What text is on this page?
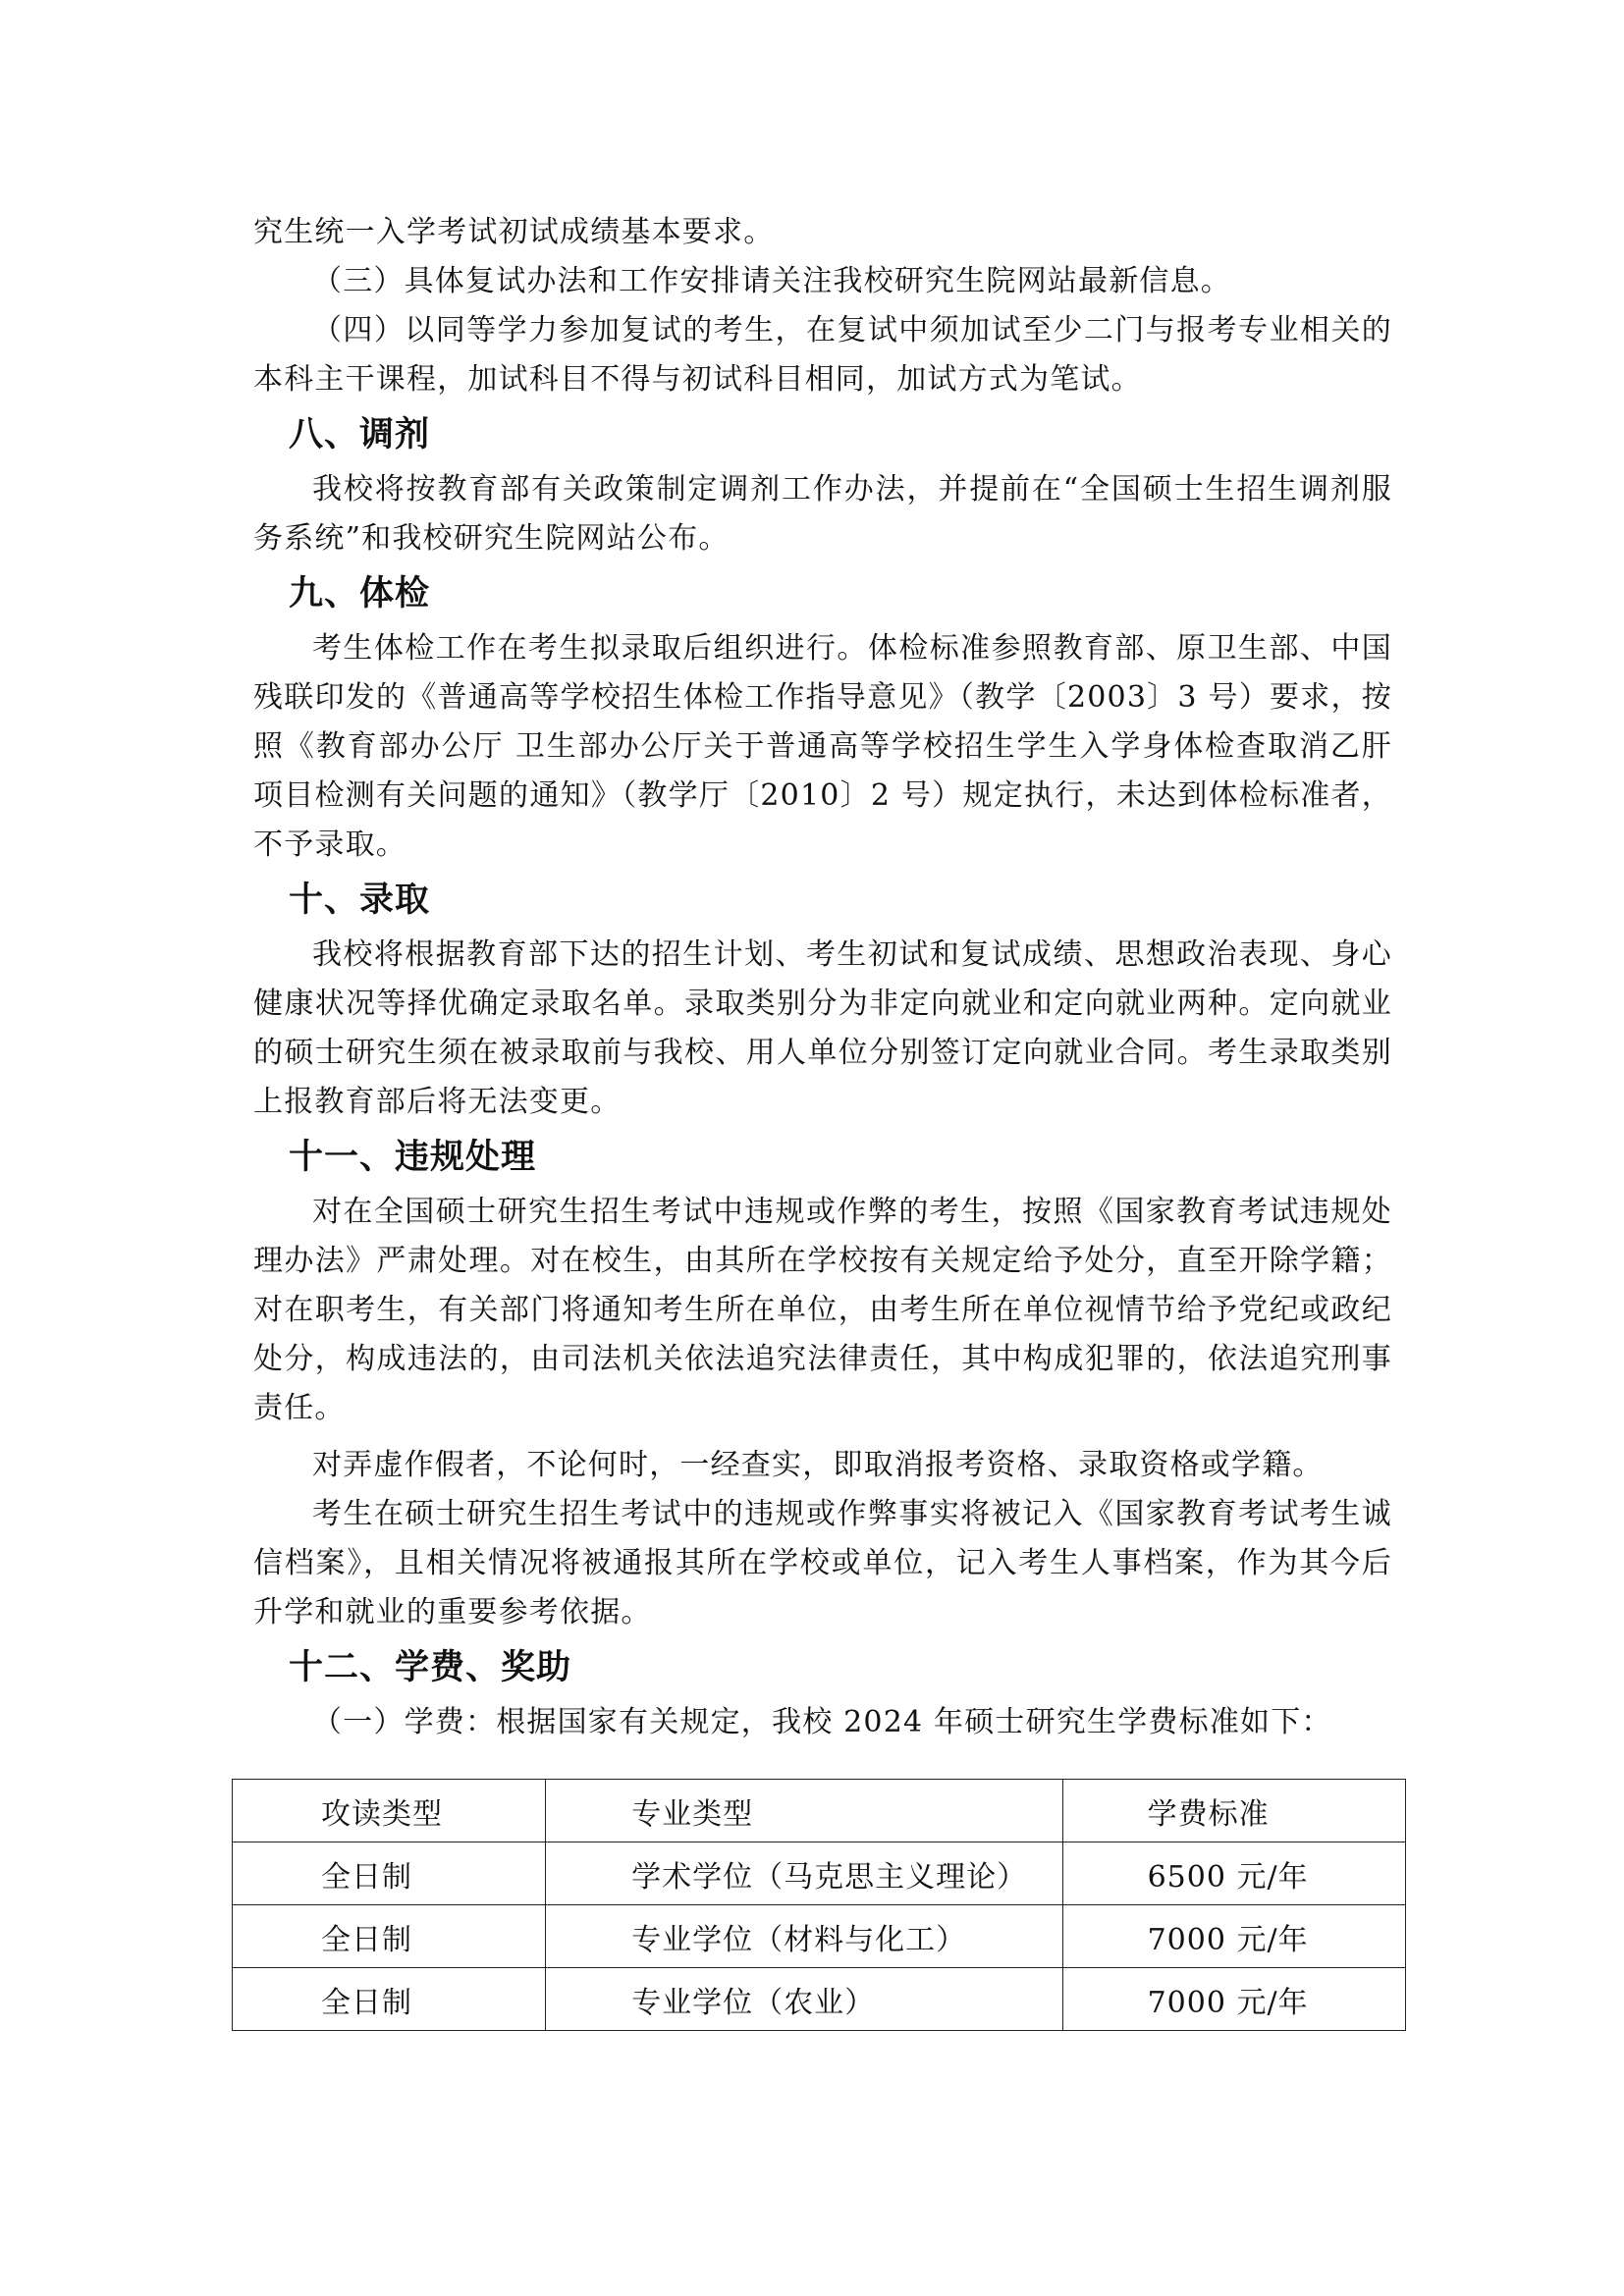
究生统一入学考试初试成绩基本要求。

（三）具体复试办法和工作安排请关注我校研究生院网站最新信息。

（四）以同等学力参加复试的考生，在复试中须加试至少二门与报考专业相关的本科主干课程，加试科目不得与初试科目相同，加试方式为笔试。

八、调剂

我校将按教育部有关政策制定调剂工作办法，并提前在“全国硕士生招生调剂服务系统”和我校研究生院网站公布。

九、体检

考生体检工作在考生拟录取后组织进行。体检标准参照教育部、原卫生部、中国残联印发的《普通高等学校招生体检工作指导意见》（教学〔2003〕3 号）要求，按照《教育部办公厅 卫生部办公厅关于普通高等学校招生学生入学身体检查取消乙肝项目检测有关问题的通知》（教学厅〔2010〕2 号）规定执行，未达到体检标准者，不予录取。

十、录取

我校将根据教育部下达的招生计划、考生初试和复试成绩、思想政治表现、身心健康状况等择优确定录取名单。录取类别分为非定向就业和定向就业两种。定向就业的硕士研究生须在被录取前与我校、用人单位分别签订定向就业合同。考生录取类别上报教育部后将无法变更。

十一、违规处理

对在全国硕士研究生招生考试中违规或作弊的考生，按照《国家教育考试违规处理办法》严肃处理。对在校生，由其所在学校按有关规定给予处分，直至开除学籍；对在职考生，有关部门将通知考生所在单位，由考生所在单位视情节给予党纪或政纪处分，构成违法的，由司法机关依法追究法律责任，其中构成犯罪的，依法追究刑事责任。

对弄虚作假者，不论何时，一经查实，即取消报考资格、录取资格或学籍。

考生在硕士研究生招生考试中的违规或作弊事实将被记入《国家教育考试考生诚信档案》，且相关情况将被通报其所在学校或单位，记入考生人事档案，作为其今后升学和就业的重要参考依据。

十二、学费、奖助

（一）学费：根据国家有关规定，我校 2024 年硕士研究生学费标准如下：

攻读类型	专业类型	学费标准
全日制	学术学位（马克思主义理论）	6500 元/年
全日制	专业学位（材料与化工）	7000 元/年
全日制	专业学位（农业）	7000 元/年
